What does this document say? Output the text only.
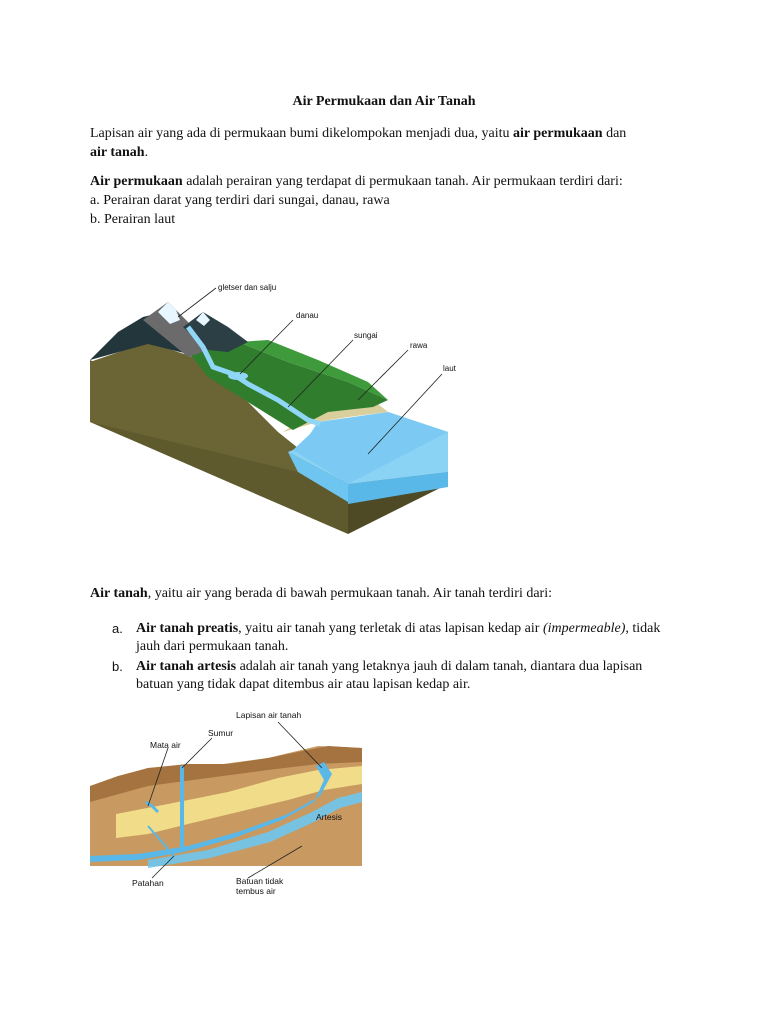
Air Permukaan dan Air Tanah
Lapisan air yang ada di permukaan bumi dikelompokan menjadi dua, yaitu air permukaan dan
air tanah.
Air permukaan adalah perairan yang terdapat di permukaan tanah. Air permukaan terdiri dari:
a. Perairan darat yang terdiri dari sungai, danau, rawa
b. Perairan laut
gletser dan salju
danau
sungai
rawa
laut
Air tanah, yaitu air yang berada di bawah permukaan tanah. Air tanah terdiri dari:
a. Air tanah preatis, yaitu air tanah yang terletak di atas lapisan kedap air (impermeable), tidak jauh dari permukaan tanah.
b. Air tanah artesis adalah air tanah yang letaknya jauh di dalam tanah, diantara dua lapisan batuan yang tidak dapat ditembus air atau lapisan kedap air.
Lapisan air tanah
Sumur
Mata air
Artesis
Patahan	Batuan tidak
tembus air
